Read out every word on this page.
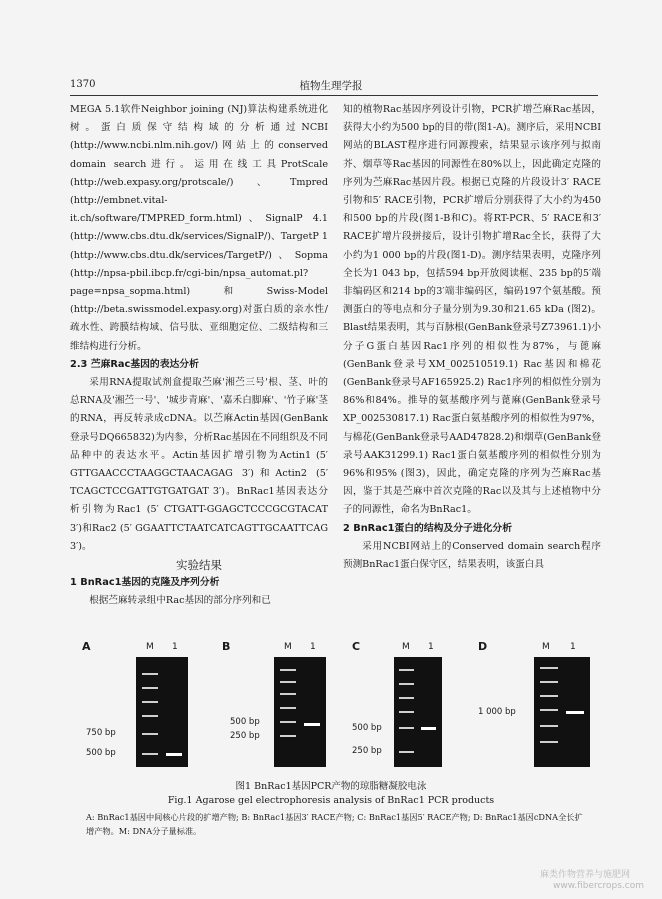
1370	植物生理学报

MEGA 5.1软件Neighbor joining (NJ)算法构建系统进化树。蛋白质保守结构域的分析通过NCBI (http://www.ncbi.nlm.nih.gov/)网站上的conserved domain search进行。运用在线工具ProtScale (http://web.expasy.org/protscale/)、Tmpred (http://embnet.vital-it.ch/software/TMPRED_form.html)、SignalP 4.1 (http://www.cbs.dtu.dk/services/SignalP/)、TargetP 1 (http://www.cbs.dtu.dk/services/TargetP/)、Sopma (http://npsa-pbil.ibcp.fr/cgi-bin/npsa_automat.pl?page=npsa_sopma.html)和Swiss-Model (http://beta.swissmodel.expasy.org)对蛋白质的亲水性/疏水性、跨膜结构域、信号肽、亚细胞定位、二级结构和三维结构进行分析。

2.3 苎麻Rac基因的表达分析

采用RNA提取试剂盒提取苎麻'湘苎三号'根、茎、叶的总RNA及'湘苎一号'、'城步青麻'、'嘉禾白脚麻'、'竹子麻'茎的RNA，再反转录成cDNA。以苎麻Actin基因(GenBank登录号DQ665832)为内参，分析Rac基因在不同组织及不同品种中的表达水平。Actin基因扩增引物为Actin1 (5′ GTTGAACCCTAAGGCTAACAGAG 3′)和Actin2 (5′ TCAGCTCCGATTGTGATGAT 3′)。BnRac1基因表达分析引物为Rac1 (5′ CTGATT-GGAGCTCCCGCGTACAT 3′)和Rac2 (5′ GGAATTCTAATCATCAGTTGCAATTCAG 3′)。

实验结果

1 BnRac1基因的克隆及序列分析

根据苎麻转录组中Rac基因的部分序列和已

知的植物Rac基因序列设计引物，PCR扩增苎麻Rac基因，获得大小约为500 bp的目的带(图1-A)。测序后，采用NCBI网站的BLAST程序进行同源搜索，结果显示该序列与拟南芥、烟草等Rac基因的同源性在80%以上，因此确定克隆的序列为苎麻Rac基因片段。根据已克隆的片段设计3′ RACE引物和5′ RACE引物，PCR扩增后分别获得了大小约为450和500 bp的片段(图1-B和C)。将RT-PCR、5′ RACE和3′ RACE扩增片段拼接后，设计引物扩增Rac全长，获得了大小约为1 000 bp的片段(图1-D)。测序结果表明，克隆序列全长为1 043 bp，包括594 bp开放阅读框、235 bp的5′端非编码区和214 bp的3′端非编码区，编码197个氨基酸。预测蛋白的等电点和分子量分别为9.30和21.65 kDa (图2)。Blast结果表明，其与百脉根(GenBank登录号Z73961.1)小分子G蛋白基因Rac1序列的相似性为87%，与蓖麻(GenBank登录号XM_002510519.1) Rac基因和棉花(GenBank登录号AF165925.2) Rac1序列的相似性分别为86%和84%。推导的氨基酸序列与蓖麻(GenBank登录号XP_002530817.1) Rac蛋白氨基酸序列的相似性为97%，与棉花(GenBank登录号AAD47828.2)和烟草(GenBank登录号AAK31299.1) Rac1蛋白氨基酸序列的相似性分别为96%和95% (图3)，因此，确定克隆的序列为苎麻Rac基因，鉴于其是苎麻中首次克隆的Rac以及其与上述植物中分子的同源性，命名为BnRac1。

2 BnRac1蛋白的结构及分子进化分析

采用NCBI网站上的Conserved domain search程序预测BnRac1蛋白保守区，结果表明，该蛋白具

A	M 1
750 bp
500 bp
B	M 1
500 bp
250 bp
C	M 1
500 bp
250 bp
D	M 1
1 000 bp
图1 BnRac1基因PCR产物的琼脂糖凝胶电泳
Fig.1 Agarose gel electrophoresis analysis of BnRac1 PCR products
A: BnRac1基因中间核心片段的扩增产物; B: BnRac1基因3′ RACE产物; C: BnRac1基因5′ RACE产物; D: BnRac1基因cDNA全长扩增产物。M: DNA分子量标准。
麻类作物营养与施肥网
www.fibercrops.com
